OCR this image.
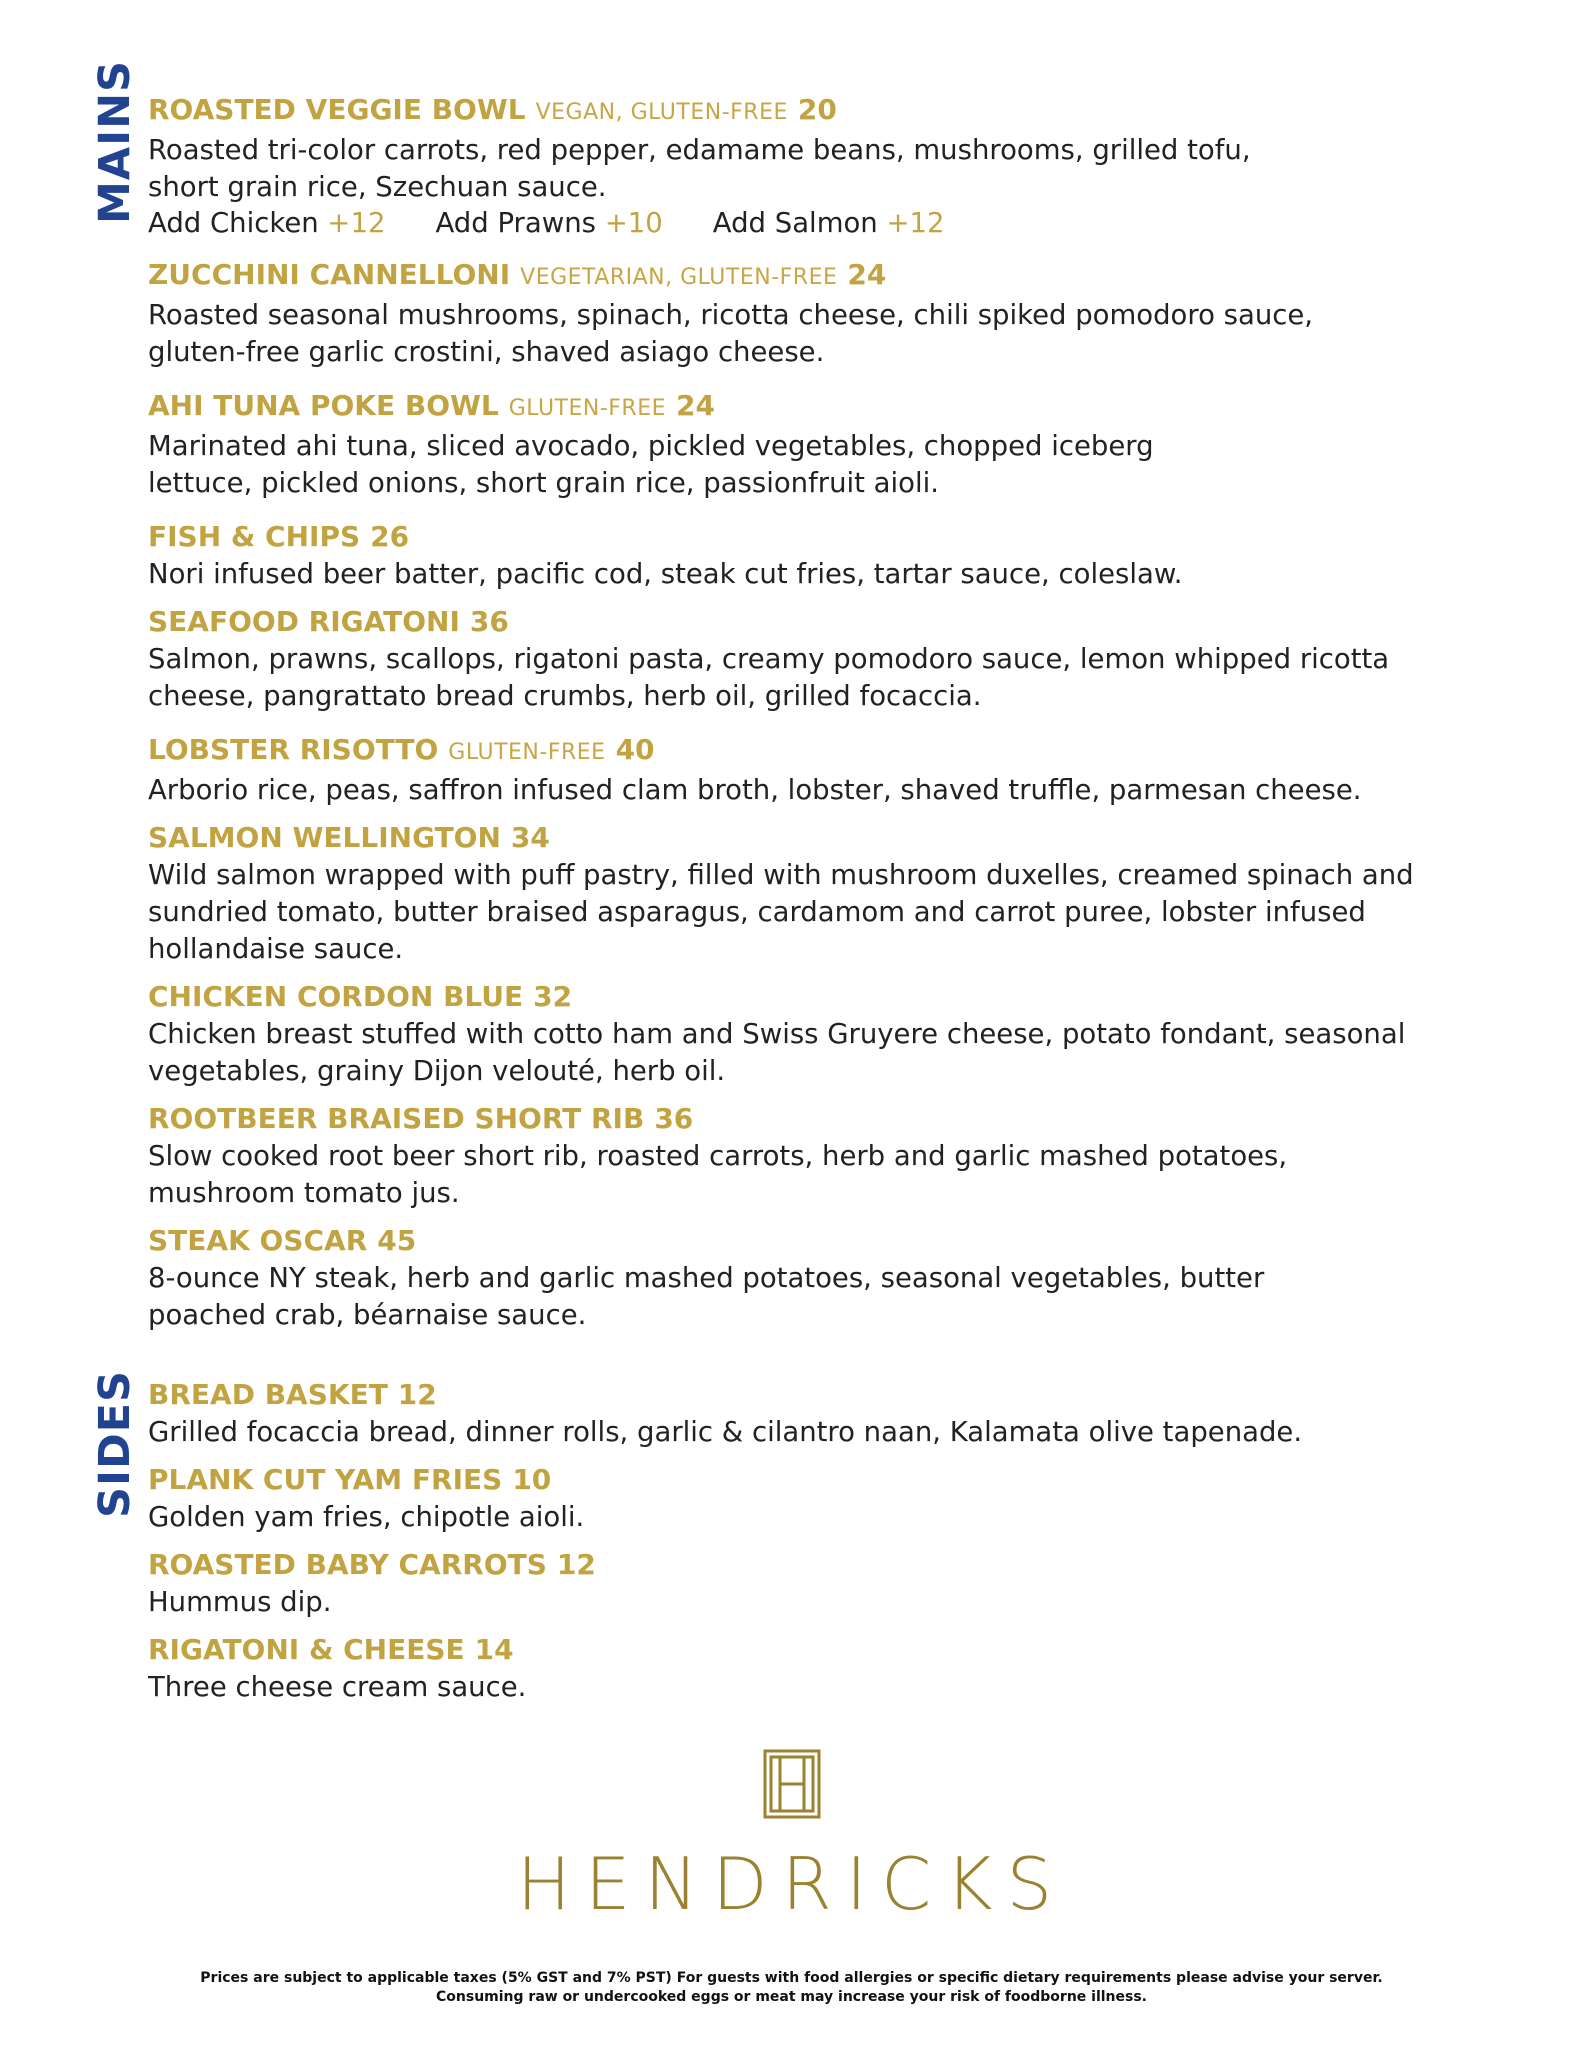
MAINS
SIDES
ROASTED VEGGIE BOWL VEGAN, GLUTEN-FREE 20
Roasted tri-color carrots, red pepper, edamame beans, mushrooms, grilled tofu,
short grain rice, Szechuan sauce.
Add Chicken +12 Add Prawns +10 Add Salmon +12
ZUCCHINI CANNELLONI VEGETARIAN, GLUTEN-FREE 24
Roasted seasonal mushrooms, spinach, ricotta cheese, chili spiked pomodoro sauce,
gluten-free garlic crostini, shaved asiago cheese.
AHI TUNA POKE BOWL GLUTEN-FREE 24
Marinated ahi tuna, sliced avocado, pickled vegetables, chopped iceberg
lettuce, pickled onions, short grain rice, passionfruit aioli.
FISH & CHIPS 26
Nori infused beer batter, pacific cod, steak cut fries, tartar sauce, coleslaw.
SEAFOOD RIGATONI 36
Salmon, prawns, scallops, rigatoni pasta, creamy pomodoro sauce, lemon whipped ricotta
cheese, pangrattato bread crumbs, herb oil, grilled focaccia.
LOBSTER RISOTTO GLUTEN-FREE 40
Arborio rice, peas, saffron infused clam broth, lobster, shaved truffle, parmesan cheese.
SALMON WELLINGTON 34
Wild salmon wrapped with puff pastry, filled with mushroom duxelles, creamed spinach and
sundried tomato, butter braised asparagus, cardamom and carrot puree, lobster infused
hollandaise sauce.
CHICKEN CORDON BLUE 32
Chicken breast stuffed with cotto ham and Swiss Gruyere cheese, potato fondant, seasonal
vegetables, grainy Dijon velouté, herb oil.
ROOTBEER BRAISED SHORT RIB 36
Slow cooked root beer short rib, roasted carrots, herb and garlic mashed potatoes,
mushroom tomato jus.
STEAK OSCAR 45
8-ounce NY steak, herb and garlic mashed potatoes, seasonal vegetables, butter
poached crab, béarnaise sauce.
BREAD BASKET 12
Grilled focaccia bread, dinner rolls, garlic & cilantro naan, Kalamata olive tapenade.
PLANK CUT YAM FRIES 10
Golden yam fries, chipotle aioli.
ROASTED BABY CARROTS 12
Hummus dip.
RIGATONI & CHEESE 14
Three cheese cream sauce.
HENDRICKS
Prices are subject to applicable taxes (5% GST and 7% PST) For guests with food allergies or specific dietary requirements please advise your server.
Consuming raw or undercooked eggs or meat may increase your risk of foodborne illness.
